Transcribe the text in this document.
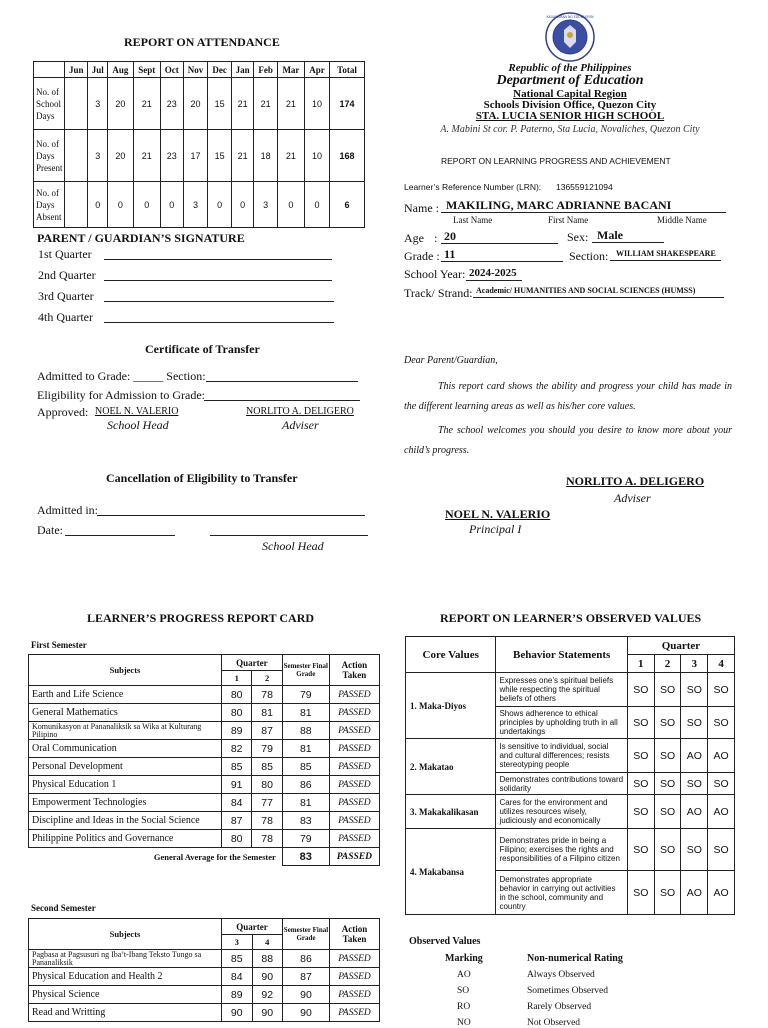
REPORT ON ATTENDANCE
	Jun	Jul	Aug	Sept	Oct	Nov	Dec	Jan	Feb	Mar	Apr	Total
No. of School Days		3	20	21	23	20	15	21	21	21	10	174
No. of Days Present		3	20	21	23	17	15	21	18	21	10	168
No. of Days Absent		0	0	0	0	3	0	0	3	0	0	6
PARENT / GUARDIAN’S SIGNATURE
1st Quarter
2nd Quarter
3rd Quarter
4th Quarter
Certificate of Transfer
Admitted to Grade: _____ Section:
Eligibility for Admission to Grade:
Approved: NOEL N. VALERIO
School Head
NORLITO A. DELIGERO
Adviser
Cancellation of Eligibility to Transfer
Admitted in:
Date:
School Head
KAGAWARAN NG EDUKASYON
Republic of the Philippines
Department of Education
National Capital Region
Schools Division Office, Quezon City
STA. LUCIA SENIOR HIGH SCHOOL
A. Mabini St cor. P. Paterno, Sta Lucia, Novaliches, Quezon City
REPORT ON LEARNING PROGRESS AND ACHIEVEMENT
Learner’s Reference Number (LRN): 136559121094
Name : MAKILING, MARC ADRIANNE BACANI
Last Name	First Name	Middle Name
Age : 20	Sex: Male
Grade : 11	Section: WILLIAM SHAKESPEARE
School Year: 2024-2025
Track/ Strand: Academic/ HUMANITIES AND SOCIAL SCIENCES (HUMSS)
Dear Parent/Guardian,
This report card shows the ability and progress your child has made in the different learning areas as well as his/her core values.
The school welcomes you should you desire to know more about your child’s progress.
NORLITO A. DELIGERO
Adviser
NOEL N. VALERIO
Principal I
LEARNER’S PROGRESS REPORT CARD
First Semester
Subjects	Quarter		Semester Final Grade	Action Taken
	1	2		
Earth and Life Science	80	78	79	PASSED
General Mathematics	80	81	81	PASSED
Komunikasyon at Pananaliksik sa Wika at Kulturang Pilipino	89	87	88	PASSED
Oral Communication	82	79	81	PASSED
Personal Development	85	85	85	PASSED
Physical Education 1	91	80	86	PASSED
Empowerment Technologies	84	77	81	PASSED
Discipline and Ideas in the Social Science	87	78	83	PASSED
Philippine Politics and Governance	80	78	79	PASSED
General Average for the Semester			83	PASSED
Second Semester
Subjects	Quarter		Semester Final Grade	Action Taken
	3	4		
Pagbasa at Pagsusuri ng Iba’t-Ibang Teksto Tungo sa Pananaliksik	85	88	86	PASSED
Physical Education and Health 2	84	90	87	PASSED
Physical Science	89	92	90	PASSED
Read and Writting	90	90	90	PASSED
REPORT ON LEARNER’S OBSERVED VALUES
Core Values	Behavior Statements	Quarter			
		1	2	3	4
1. Maka-Diyos	Expresses one’s spiritual beliefs while respecting the spiritual beliefs of others	SO	SO	SO	SO
	Shows adherence to ethical principles by upholding truth in all undertakings	SO	SO	SO	SO
2. Makatao	Is sensitive to individual, social and cultural differences; resists stereotyping people	SO	SO	AO	AO
	Demonstrates contributions toward solidarity	SO	SO	SO	SO
3. Makakalikasan	Cares for the environment and utilizes resources wisely, judiciously and economically	SO	SO	AO	AO
4. Makabansa	Demonstrates pride in being a Filipino; exercises the rights and responsibilities of a Filipino citizen	SO	SO	SO	SO
	Demonstrates appropriate behavior in carrying out activities in the school, community and country	SO	SO	AO	AO
Observed Values
Marking	Non-numerical Rating
AO	Always Observed
SO	Sometimes Observed
RO	Rarely Observed
NO	Not Observed
